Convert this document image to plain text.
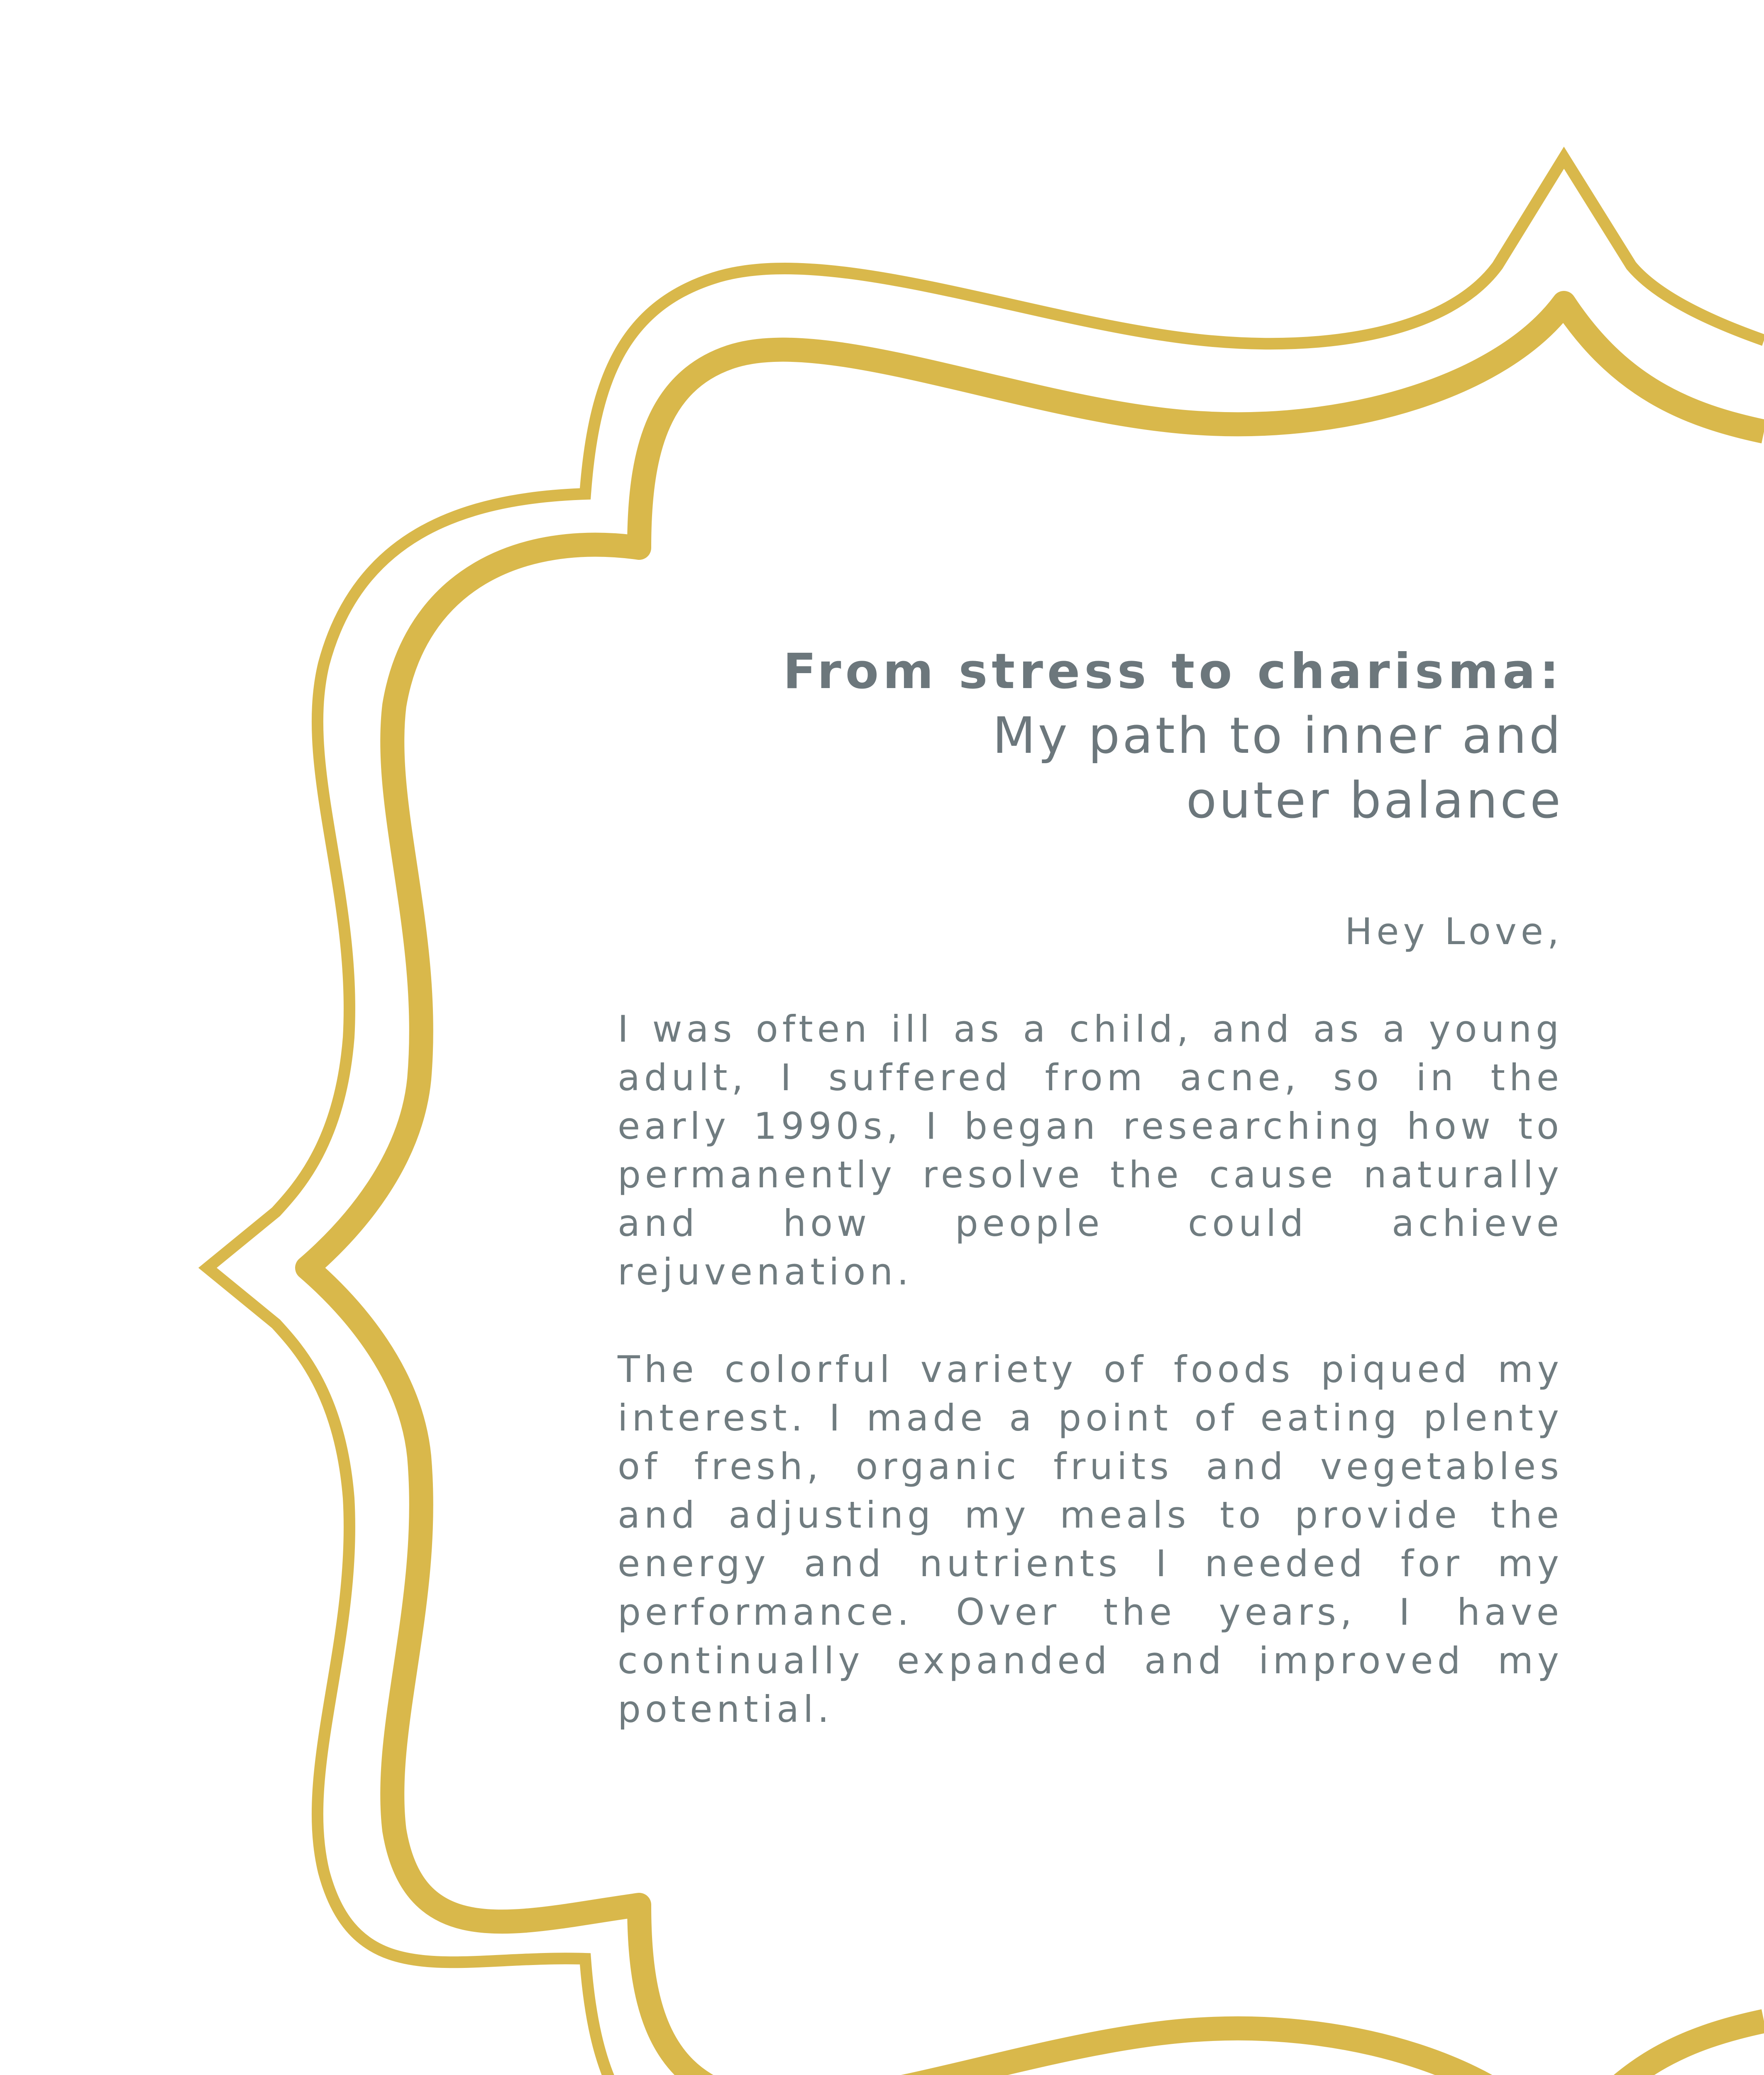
From stress to charisma:
My path to inner and
outer balance

Hey Love,

I was often ill as a child, and as a young adult, I suffered from acne, so in the early 1990s, I began researching how to permanently resolve the cause naturally and how people could achieve rejuvenation.

The colorful variety of foods piqued my interest. I made a point of eating plenty of fresh, organic fruits and vegetables and adjusting my meals to provide the energy and nutrients I needed for my performance. Over the years, I have continually expanded and improved my potential.
